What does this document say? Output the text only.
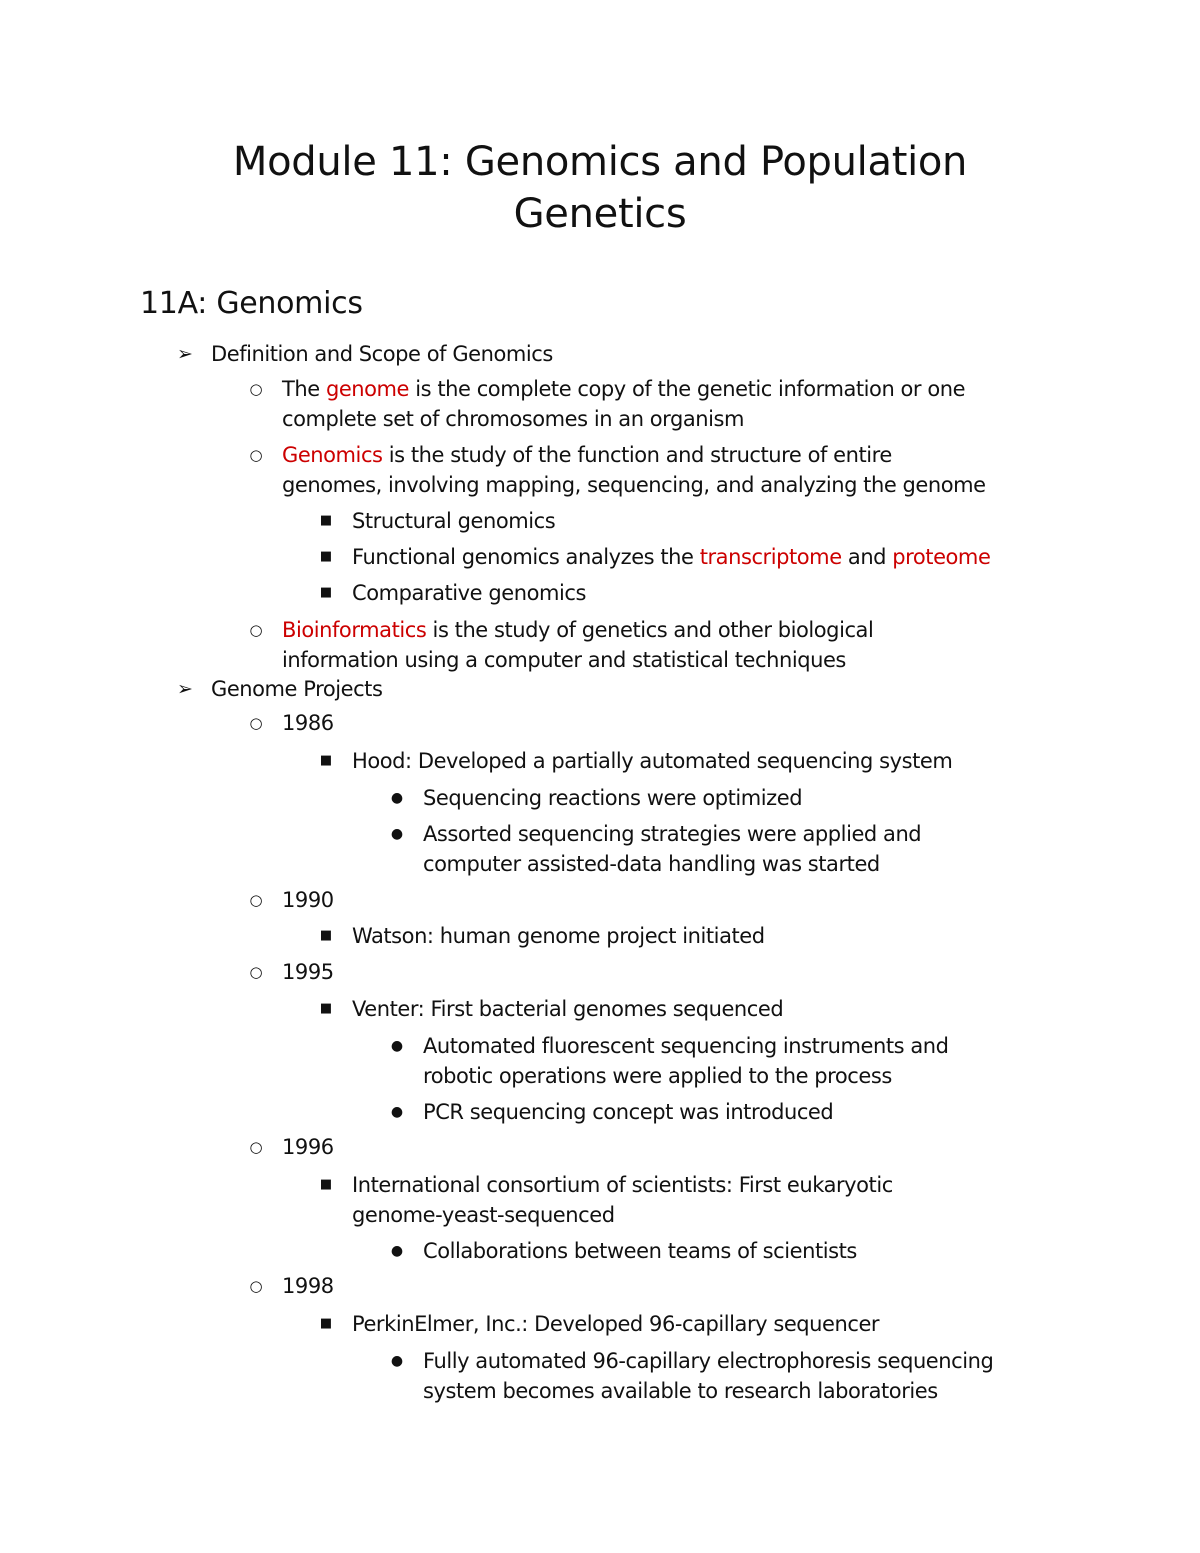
Module 11: Genomics and Population
Genetics
11A: Genomics
➢ Definition and Scope of Genomics
○ The genome is the complete copy of the genetic information or one
complete set of chromosomes in an organism
○ Genomics is the study of the function and structure of entire
genomes, involving mapping, sequencing, and analyzing the genome
■ Structural genomics
■ Functional genomics analyzes the transcriptome and proteome
■ Comparative genomics
○ Bioinformatics is the study of genetics and other biological
information using a computer and statistical techniques
➢ Genome Projects
○ 1986
■ Hood: Developed a partially automated sequencing system
● Sequencing reactions were optimized
● Assorted sequencing strategies were applied and
computer assisted-data handling was started
○ 1990
■ Watson: human genome project initiated
○ 1995
■ Venter: First bacterial genomes sequenced
● Automated fluorescent sequencing instruments and
robotic operations were applied to the process
● PCR sequencing concept was introduced
○ 1996
■ International consortium of scientists: First eukaryotic
genome-yeast-sequenced
● Collaborations between teams of scientists
○ 1998
■ PerkinElmer, Inc.: Developed 96-capillary sequencer
● Fully automated 96-capillary electrophoresis sequencing
system becomes available to research laboratories
